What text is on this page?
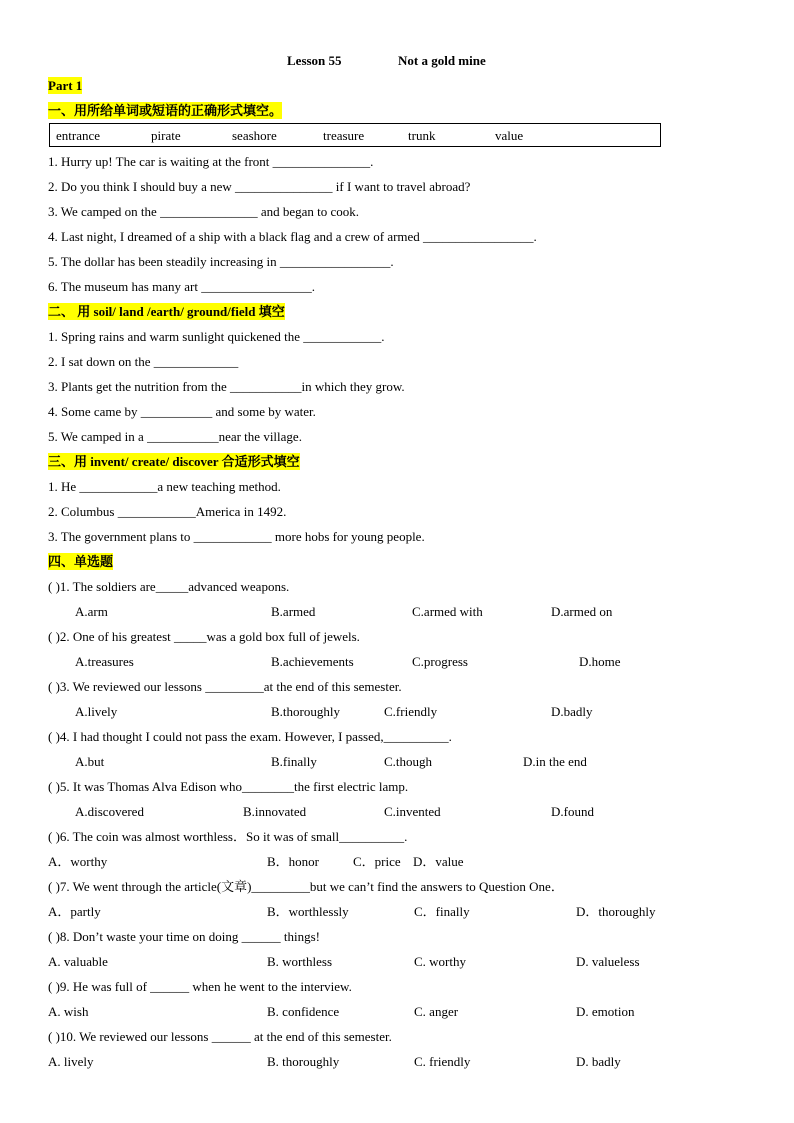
Lesson 55	Not a gold mine
Part 1
一、用所给单词或短语的正确形式填空。
entrance	pirate	seashore	treasure	trunk	value
1. Hurry up! The car is waiting at the front _______________.
2. Do you think I should buy a new _______________ if I want to travel abroad?
3. We camped on the _______________ and began to cook.
4. Last night, I dreamed of a ship with a black flag and a crew of armed _________________.
5. The dollar has been steadily increasing in _________________.
6. The museum has many art _________________.
二、 用 soil/ land /earth/ ground/field 填空
1. Spring rains and warm sunlight quickened the ____________.
2. I sat down on the _____________
3. Plants get the nutrition from the ___________in which they grow.
4. Some came by ___________ and some by water.
5. We camped in a ___________near the village.
三、用 invent/ create/ discover 合适形式填空
1. He ____________a new teaching method.
2. Columbus ____________America in 1492.
3. The government plans to ____________ more hobs for young people.
四、单选题
( )1. The soldiers are_____advanced weapons.
A.arm	B.armed	C.armed with	D.armed on
( )2. One of his greatest _____was a gold box full of jewels.
A.treasures	B.achievements	C.progress	D.home
( )3. We reviewed our lessons _________at the end of this semester.
A.lively	B.thoroughly	C.friendly	D.badly
( )4. I had thought I could not pass the exam. However, I passed,__________.
A.but	B.finally	C.though	D.in the end
( )5. It was Thomas Alva Edison who________the first electric lamp.
A.discovered	B.innovated	C.invented	D.found
( )6. The coin was almost worthless．So it was of small__________.
A．worthy	B．honor	C．price D．value
( )7. We went through the article(文章)_________but we can’t find the answers to Question One．
A．partly	B．worthlessly	C．finally	D．thoroughly
( )8. Don’t waste your time on doing ______ things!
A. valuable	B. worthless	C. worthy	D. valueless
( )9. He was full of ______ when he went to the interview.
A. wish	B. confidence	C. anger	D. emotion
( )10. We reviewed our lessons ______ at the end of this semester.
A. lively	B. thoroughly	C. friendly	D. badly
